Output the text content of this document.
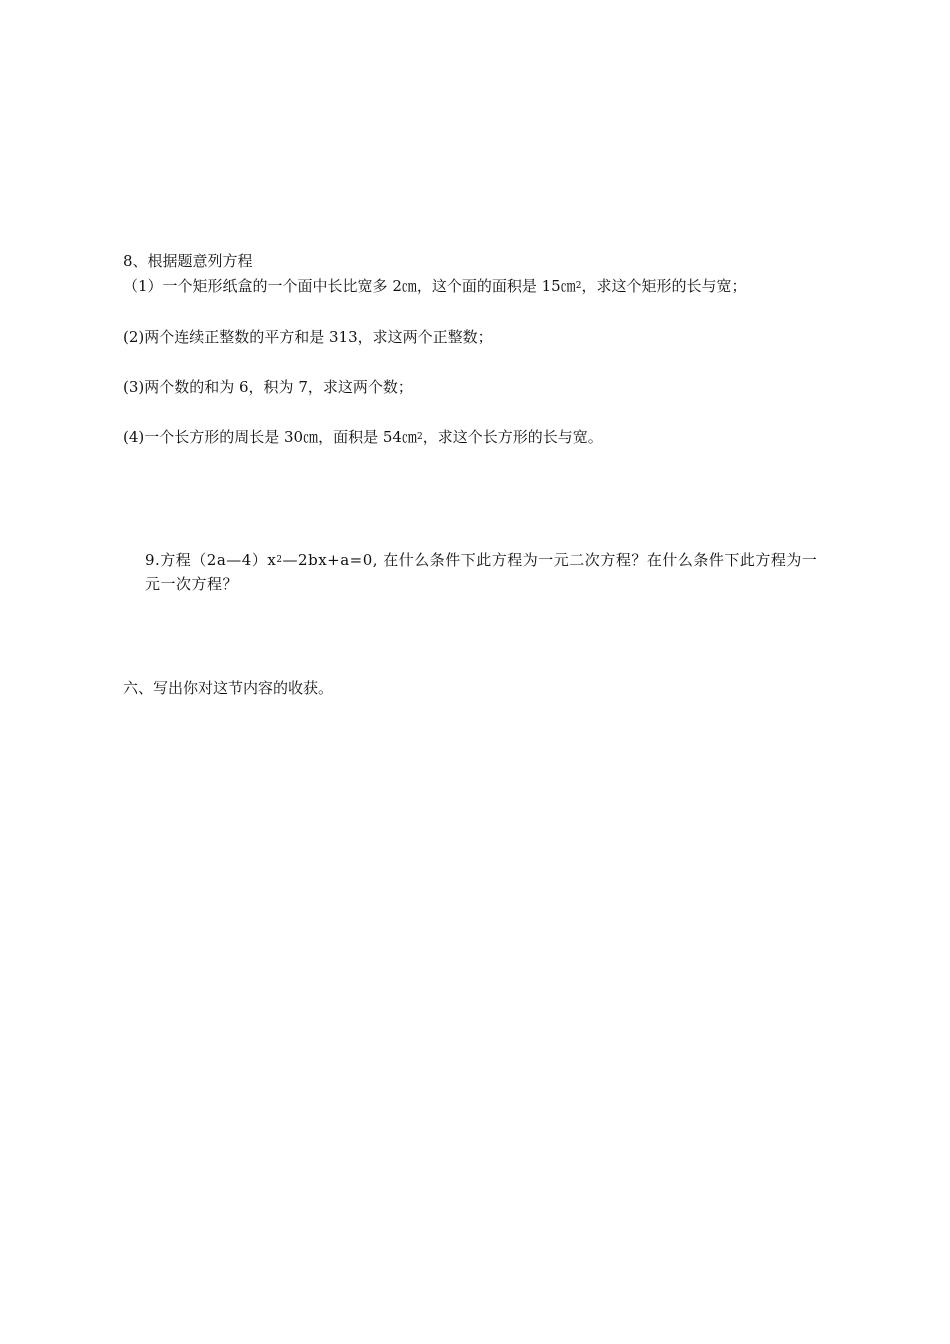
8、根据题意列方程
（1）一个矩形纸盒的一个面中长比宽多 2㎝，这个面的面积是 15㎝$^2$，求这个矩形的长与宽；
(2)两个连续正整数的平方和是 313，求这两个正整数；
(3)两个数的和为 6，积为 7，求这两个数；
(4)一个长方形的周长是 30㎝，面积是 54㎝$^2$，求这个长方形的长与宽。
9.方程$(2a—4)x^2—2bx+a=0$, 在什么条件下此方程为一元二次方程？在什么条件下此方程为一元一次方程？
六、写出你对这节内容的收获。
